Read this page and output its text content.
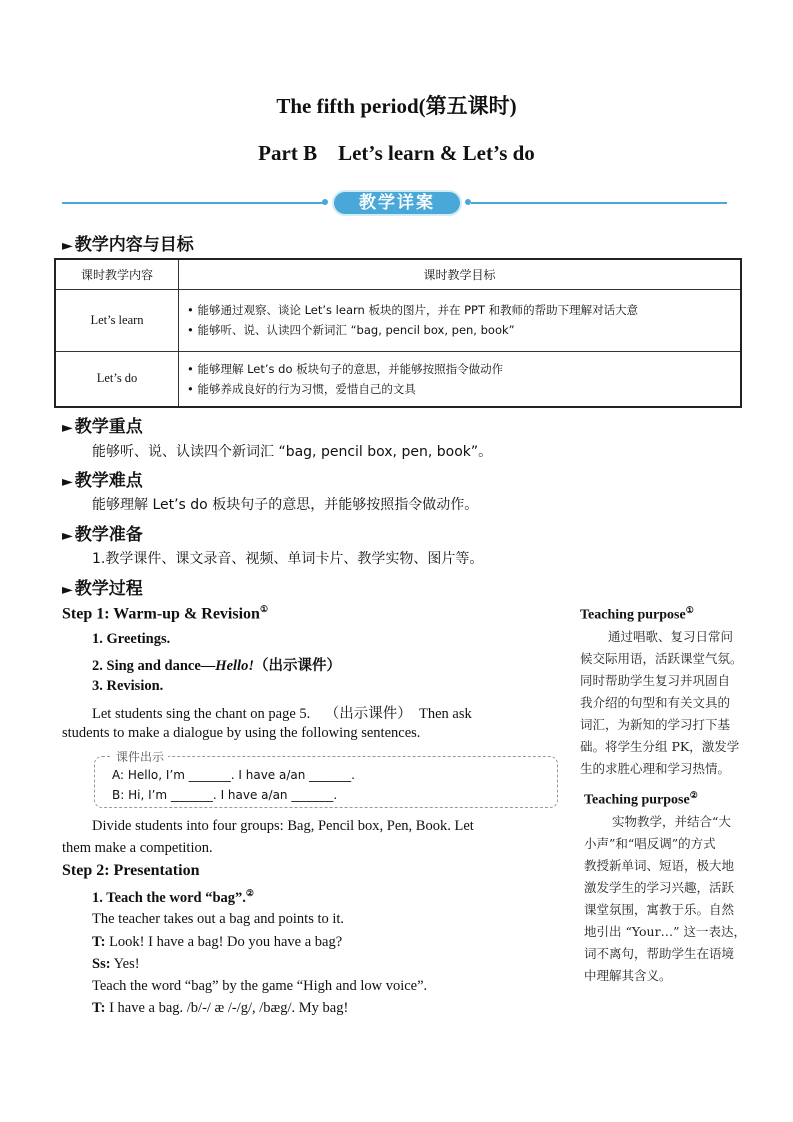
The fifth period(第五课时)
Part B    Let’s learn & Let’s do
教学详案
► 教学内容与目标
课时教学内容	课时教学目标
Let’s learn	• 能够通过观察、谈论 Let’s learn 板块的图片，并在 PPT 和教师的帮助下理解对话大意
• 能够听、说、认读四个新词汇 “bag, pencil box, pen, book”

Let’s do	• 能够理解 Let’s do 板块句子的意思，并能够按照指令做动作
• 能够养成良好的行为习惯，爱惜自己的文具
► 教学重点
能够听、说、认读四个新词汇 “bag, pencil box, pen, book”。
► 教学难点
能够理解 Let’s do 板块句子的意思，并能够按照指令做动作。
► 教学准备
1.教学课件、课文录音、视频、单词卡片、教学实物、图片等。
► 教学过程
Step 1: Warm-up & Revision①
1. Greetings.
2. Sing and dance—Hello!（出示课件）
3. Revision.
Let students sing the chant on page 5.    （出示课件）  Then ask
students to make a dialogue by using the following sentences.
课件出示
A: Hello, I’m _______. I have a/an _______.
B: Hi, I’m _______. I have a/an _______.
Divide students into four groups: Bag, Pencil box, Pen, Book. Let
them make a competition.
Step 2: Presentation
1. Teach the word “bag”.②
The teacher takes out a bag and points to it.
T: Look! I have a bag! Do you have a bag?
Ss: Yes!
Teach the word “bag” by the game “High and low voice”.
T: I have a bag. /b/-/ æ /-/g/, /bæg/. My bag!
Teaching purpose①
通过唱歌、复习日常问
候交际用语，活跃课堂气氛。
同时帮助学生复习并巩固自
我介绍的句型和有关文具的
词汇，为新知的学习打下基
础。将学生分组 PK，激发学
生的求胜心理和学习热情。
Teaching purpose②
实物教学，并结合“大
小声”和“唱反调”的方式
教授新单词、短语，极大地
激发学生的学习兴趣，活跃
课堂氛围，寓教于乐。自然
地引出 “Your…” 这一表达，
词不离句，帮助学生在语境
中理解其含义。
